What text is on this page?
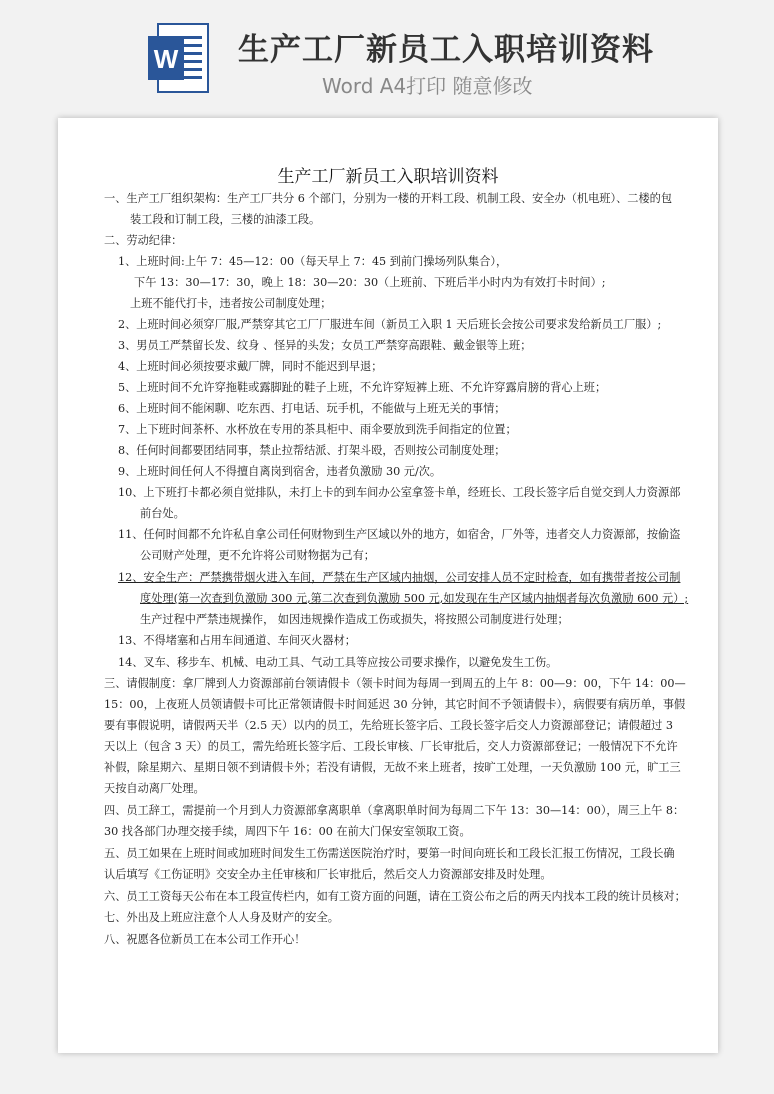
W 生产工厂新员工入职培训资料
Word A4打印 随意修改
生产工厂新员工入职培训资料
一、生产工厂组织架构：生产工厂共分 6 个部门，分别为一楼的开料工段、机制工段、安全办（机电班）、二楼的包
装工段和订制工段，三楼的油漆工段。
二、劳动纪律：
1、上班时间:上午 7：45—12：00（每天早上 7：45 到前门操场列队集合），
下午 13：30—17：30，晚上 18：30—20：30（上班前、下班后半小时内为有效打卡时间）;
上班不能代打卡，违者按公司制度处理；
2、上班时间必须穿厂服,严禁穿其它工厂厂服进车间（新员工入职 1 天后班长会按公司要求发给新员工厂服）;
3、男员工严禁留长发、纹身 、怪异的头发；女员工严禁穿高跟鞋、戴金银等上班；
4、上班时间必须按要求戴厂牌，同时不能迟到早退；
5、上班时间不允许穿拖鞋或露脚趾的鞋子上班，不允许穿短裤上班、不允许穿露肩膀的背心上班；
6、上班时间不能闲聊、吃东西、打电话、玩手机，不能做与上班无关的事情；
7、上下班时间茶杯、水杯放在专用的茶具柜中、雨伞要放到洗手间指定的位置；
8、任何时间都要团结同事，禁止拉帮结派、打架斗殴，否则按公司制度处理；
9、上班时间任何人不得擅自离岗到宿舍，违者负激励 30 元/次。
10、上下班打卡都必须自觉排队，未打上卡的到车间办公室拿签卡单，经班长、工段长签字后自觉交到人力资源部
前台处。
11、任何时间都不允许私自拿公司任何财物到生产区域以外的地方，如宿舍，厂外等，违者交人力资源部，按偷盗
公司财产处理，更不允许将公司财物据为己有；
12、安全生产：严禁携带烟火进入车间，严禁在生产区域内抽烟，公司安排人员不定时检查，如有携带者按公司制
度处理(第一次查到负激励 300 元,第二次查到负激励 500 元,如发现在生产区域内抽烟者每次负激励 600 元）;
生产过程中严禁违规操作， 如因违规操作造成工伤或损失，将按照公司制度进行处理；
13、不得堵塞和占用车间通道、车间灭火器材；
14、叉车、移步车、机械、电动工具、气动工具等应按公司要求操作，以避免发生工伤。
三、请假制度：拿厂牌到人力资源部前台领请假卡（领卡时间为每周一到周五的上午 8：00—9：00，下午 14：00—
15：00，上夜班人员领请假卡可比正常领请假卡时间延迟 30 分钟，其它时间不予领请假卡），病假要有病历单，事假
要有事假说明，请假两天半（2.5 天）以内的员工，先给班长签字后、工段长签字后交人力资源部登记；请假超过 3
天以上（包含 3 天）的员工，需先给班长签字后、工段长审核、厂长审批后，交人力资源部登记；一般情况下不允许
补假，除星期六、星期日领不到请假卡外；若没有请假，无故不来上班者，按旷工处理，一天负激励 100 元，旷工三
天按自动离厂处理。
四、员工辞工，需提前一个月到人力资源部拿离职单（拿离职单时间为每周二下午 13：30—14：00），周三上午 8：
30 找各部门办理交接手续，周四下午 16：00 在前大门保安室领取工资。
五、员工如果在上班时间或加班时间发生工伤需送医院治疗时，要第一时间向班长和工段长汇报工伤情况，工段长确
认后填写《工伤证明》交安全办主任审核和厂长审批后，然后交人力资源部安排及时处理。
六、员工工资每天公布在本工段宣传栏内，如有工资方面的问题，请在工资公布之后的两天内找本工段的统计员核对；
七、外出及上班应注意个人人身及财产的安全。
八、祝愿各位新员工在本公司工作开心！
